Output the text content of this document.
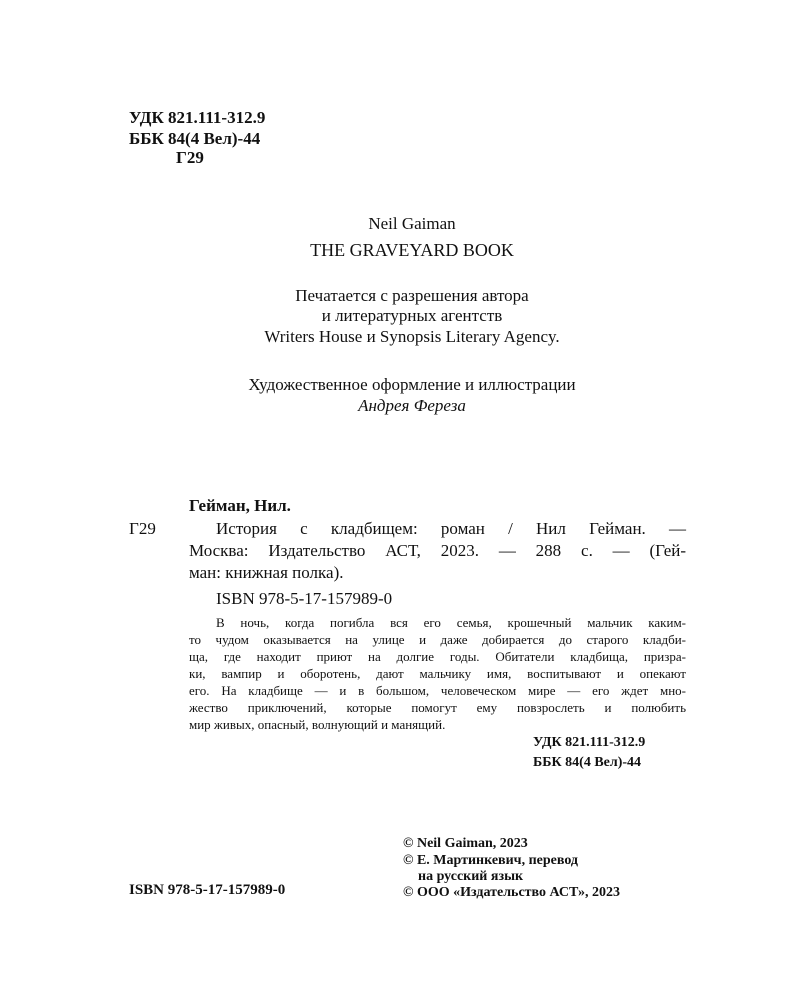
УДК 821.111-312.9
ББК 84(4 Вел)-44
Г29
Neil Gaiman
THE GRAVEYARD BOOK
Печатается с разрешения автора
и литературных агентств
Writers House и Synopsis Literary Agency.
Художественное оформление и иллюстрации
Андрея Фереза
Гейман, Нил.
Г29	История с кладбищем: роман / Нил Гейман. —
Москва: Издательство АСТ, 2023. — 288 с. — (Гей-
ман: книжная полка).
ISBN 978-5-17-157989-0
В ночь, когда погибла вся его семья, крошечный мальчик каким-
то чудом оказывается на улице и даже добирается до старого кладби-
ща, где находит приют на долгие годы. Обитатели кладбища, призра-
ки, вампир и оборотень, дают мальчику имя, воспитывают и опекают
его. На кладбище — и в большом, человеческом мире — его ждет мно-
жество приключений, которые помогут ему повзрослеть и полюбить
мир живых, опасный, волнующий и манящий.
УДК 821.111-312.9
ББК 84(4 Вел)-44
ISBN 978-5-17-157989-0
© Neil Gaiman, 2023
© Е. Мартинкевич, перевод
на русский язык
© ООО «Издательство АСТ», 2023
